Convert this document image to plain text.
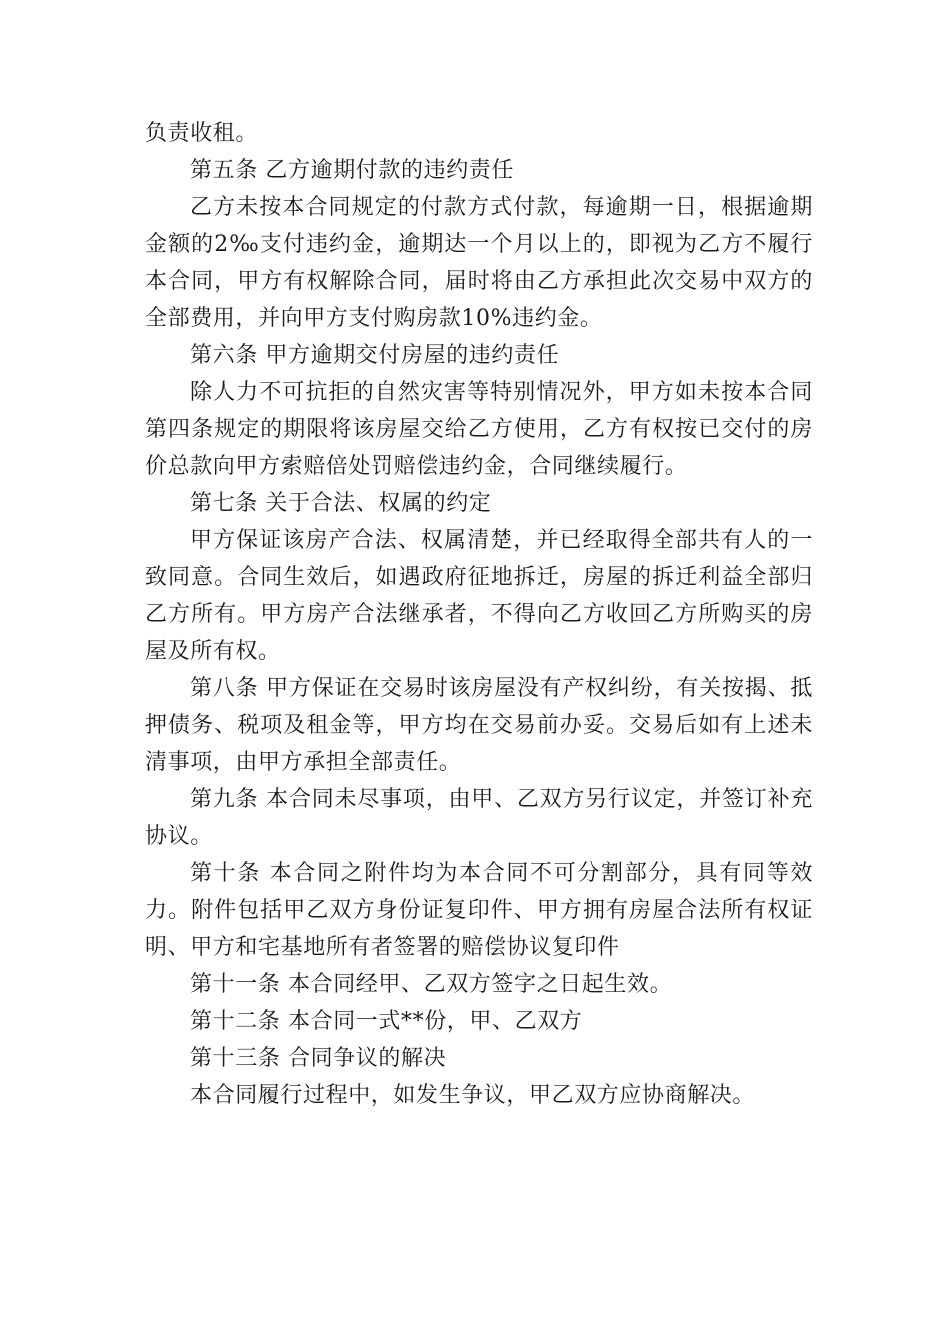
负责收租。

第五条 乙方逾期付款的违约责任

乙方未按本合同规定的付款方式付款，每逾期一日，根据逾期金额的2‰支付违约金，逾期达一个月以上的，即视为乙方不履行本合同，甲方有权解除合同，届时将由乙方承担此次交易中双方的全部费用，并向甲方支付购房款10%违约金。

第六条 甲方逾期交付房屋的违约责任

除人力不可抗拒的自然灾害等特别情况外，甲方如未按本合同第四条规定的期限将该房屋交给乙方使用，乙方有权按已交付的房价总款向甲方索赔倍处罚赔偿违约金，合同继续履行。

第七条 关于合法、权属的约定

甲方保证该房产合法、权属清楚，并已经取得全部共有人的一致同意。合同生效后，如遇政府征地拆迁，房屋的拆迁利益全部归乙方所有。甲方房产合法继承者，不得向乙方收回乙方所购买的房屋及所有权。

第八条 甲方保证在交易时该房屋没有产权纠纷，有关按揭、抵押债务、税项及租金等，甲方均在交易前办妥。交易后如有上述未清事项，由甲方承担全部责任。

第九条 本合同未尽事项，由甲、乙双方另行议定，并签订补充协议。

第十条 本合同之附件均为本合同不可分割部分，具有同等效力。附件包括甲乙双方身份证复印件、甲方拥有房屋合法所有权证明、甲方和宅基地所有者签署的赔偿协议复印件

第十一条 本合同经甲、乙双方签字之日起生效。

第十二条 本合同一式**份，甲、乙双方

第十三条 合同争议的解决

本合同履行过程中，如发生争议，甲乙双方应协商解决。
